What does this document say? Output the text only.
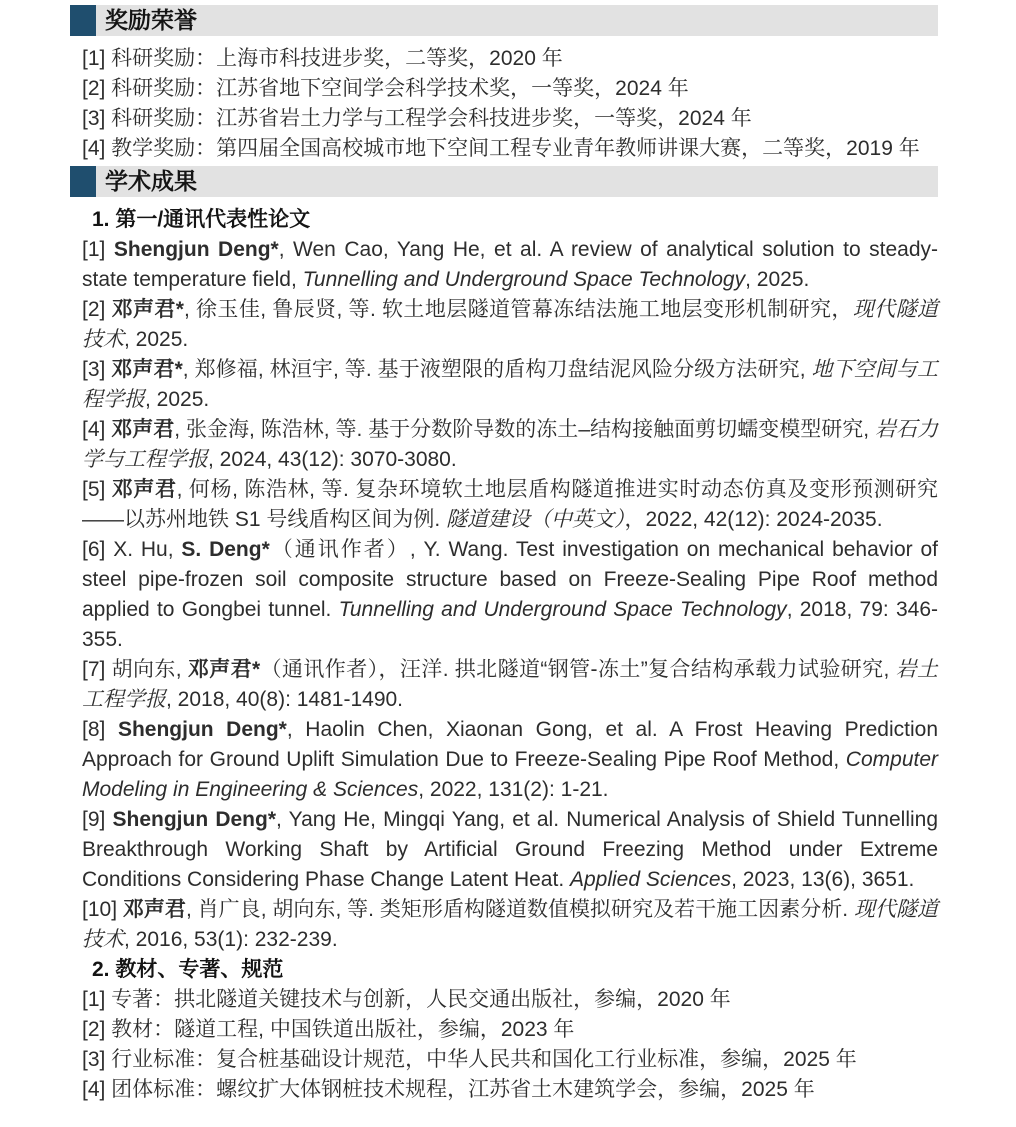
奖励荣誉

[1] 科研奖励：上海市科技进步奖，二等奖，2020 年

[2] 科研奖励：江苏省地下空间学会科学技术奖，一等奖，2024 年

[3] 科研奖励：江苏省岩土力学与工程学会科技进步奖，一等奖，2024 年

[4] 教学奖励：第四届全国高校城市地下空间工程专业青年教师讲课大赛，二等奖，2019 年

学术成果

1. 第一/通讯代表性论文

[1] Shengjun Deng*, Wen Cao, Yang He, et al. A review of analytical solution to steady-state temperature field, Tunnelling and Underground Space Technology, 2025.

[2] 邓声君*, 徐玉佳, 鲁辰贤, 等. 软土地层隧道管幕冻结法施工地层变形机制研究，现代隧道技术, 2025.

[3] 邓声君*, 郑修福, 林洹宇, 等. 基于液塑限的盾构刀盘结泥风险分级方法研究, 地下空间与工程学报, 2025.

[4] 邓声君, 张金海, 陈浩林, 等. 基于分数阶导数的冻土–结构接触面剪切蠕变模型研究, 岩石力学与工程学报, 2024, 43(12): 3070-3080.

[5] 邓声君, 何杨, 陈浩林, 等. 复杂环境软土地层盾构隧道推进实时动态仿真及变形预测研究——以苏州地铁 S1 号线盾构区间为例. 隧道建设（中英文），2022, 42(12): 2024-2035.

[6] X. Hu, S. Deng*（通讯作者）, Y. Wang. Test investigation on mechanical behavior of steel pipe-frozen soil composite structure based on Freeze-Sealing Pipe Roof method applied to Gongbei tunnel. Tunnelling and Underground Space Technology, 2018, 79: 346-355.

[7] 胡向东, 邓声君*（通讯作者），汪洋. 拱北隧道“钢管-冻土”复合结构承载力试验研究, 岩土工程学报, 2018, 40(8): 1481-1490.

[8] Shengjun Deng*, Haolin Chen, Xiaonan Gong, et al. A Frost Heaving Prediction Approach for Ground Uplift Simulation Due to Freeze-Sealing Pipe Roof Method, Computer Modeling in Engineering & Sciences, 2022, 131(2): 1-21.

[9] Shengjun Deng*, Yang He, Mingqi Yang, et al. Numerical Analysis of Shield Tunnelling Breakthrough Working Shaft by Artificial Ground Freezing Method under Extreme Conditions Considering Phase Change Latent Heat. Applied Sciences, 2023, 13(6), 3651.

[10] 邓声君, 肖广良, 胡向东, 等. 类矩形盾构隧道数值模拟研究及若干施工因素分析. 现代隧道技术, 2016, 53(1): 232-239.

2. 教材、专著、规范

[1] 专著：拱北隧道关键技术与创新，人民交通出版社，参编，2020 年

[2] 教材：隧道工程, 中国铁道出版社，参编，2023 年

[3] 行业标准：复合桩基础设计规范，中华人民共和国化工行业标准，参编，2025 年

[4] 团体标准：螺纹扩大体钢桩技术规程，江苏省土木建筑学会，参编，2025 年
